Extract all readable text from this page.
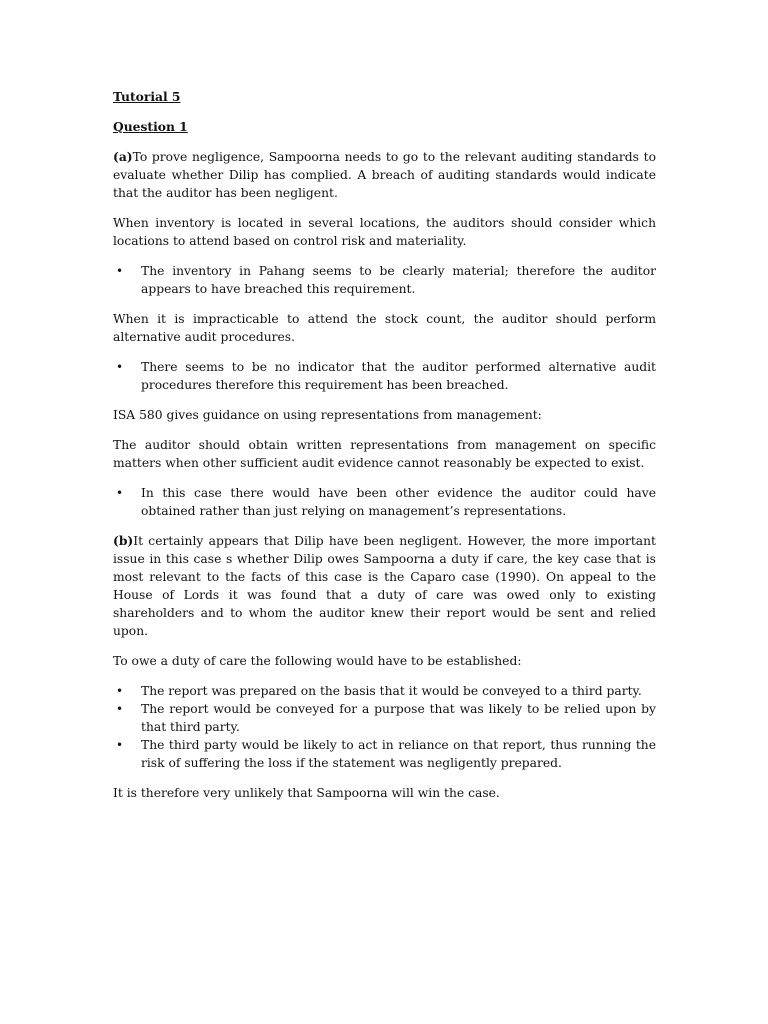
Tutorial 5
Question 1

(a)To prove negligence, Sampoorna needs to go to the relevant auditing standards to evaluate whether Dilip has complied. A breach of auditing standards would indicate that the auditor has been negligent.

When inventory is located in several locations, the auditors should consider which locations to attend based on control risk and materiality.

• The inventory in Pahang seems to be clearly material; therefore the auditor appears to have breached this requirement.

When it is impracticable to attend the stock count, the auditor should perform alternative audit procedures.

• There seems to be no indicator that the auditor performed alternative audit procedures therefore this requirement has been breached.

ISA 580 gives guidance on using representations from management:

The auditor should obtain written representations from management on specific matters when other sufficient audit evidence cannot reasonably be expected to exist.

• In this case there would have been other evidence the auditor could have obtained rather than just relying on management’s representations.

(b)It certainly appears that Dilip have been negligent. However, the more important issue in this case s whether Dilip owes Sampoorna a duty if care, the key case that is most relevant to the facts of this case is the Caparo case (1990). On appeal to the House of Lords it was found that a duty of care was owed only to existing shareholders and to whom the auditor knew their report would be sent and relied upon.

To owe a duty of care the following would have to be established:

• The report was prepared on the basis that it would be conveyed to a third party.
• The report would be conveyed for a purpose that was likely to be relied upon by that third party.
• The third party would be likely to act in reliance on that report, thus running the risk of suffering the loss if the statement was negligently prepared.

It is therefore very unlikely that Sampoorna will win the case.
